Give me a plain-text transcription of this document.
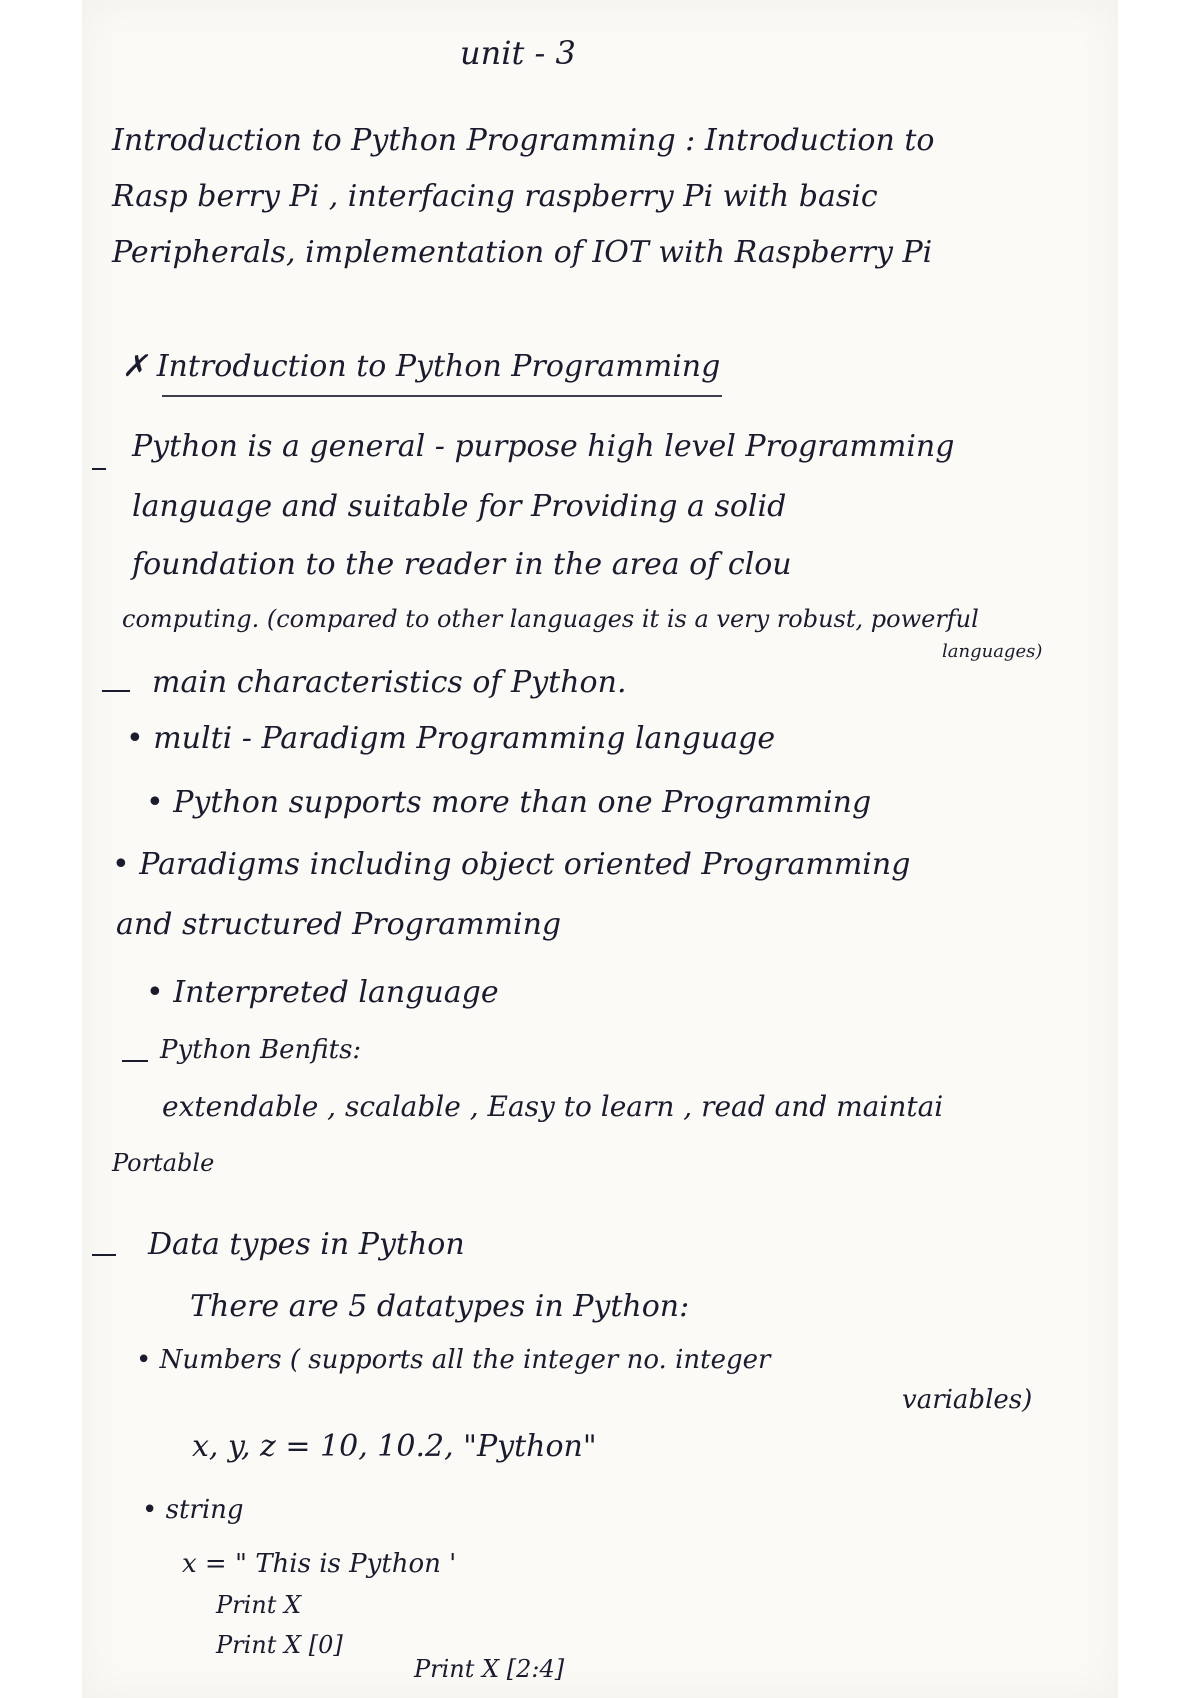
unit - 3
Introduction to Python Programming : Introduction to
Rasp berry Pi , interfacing raspberry Pi with basic
Peripherals, implementation of IOT with Raspberry Pi
✗ Introduction to Python Programming
Python is a general - purpose high level Programming
language and suitable for Providing a solid
foundation to the reader in the area of clou
computing. (compared to other languages it is a very robust, powerful
languages)
main characteristics of Python.
• multi - Paradigm Programming language
• Python supports more than one Programming
• Paradigms including object oriented Programming
and structured Programming
• Interpreted language
Python Benfits:
extendable , scalable , Easy to learn , read and maintai
Portable
Data types in Python
There are 5 datatypes in Python:
• Numbers ( supports all the integer no. integer
variables)
x, y, z = 10, 10.2, "Python"
• string
x = " This is Python '
Print X
Print X [0]
Print X [2:4]
